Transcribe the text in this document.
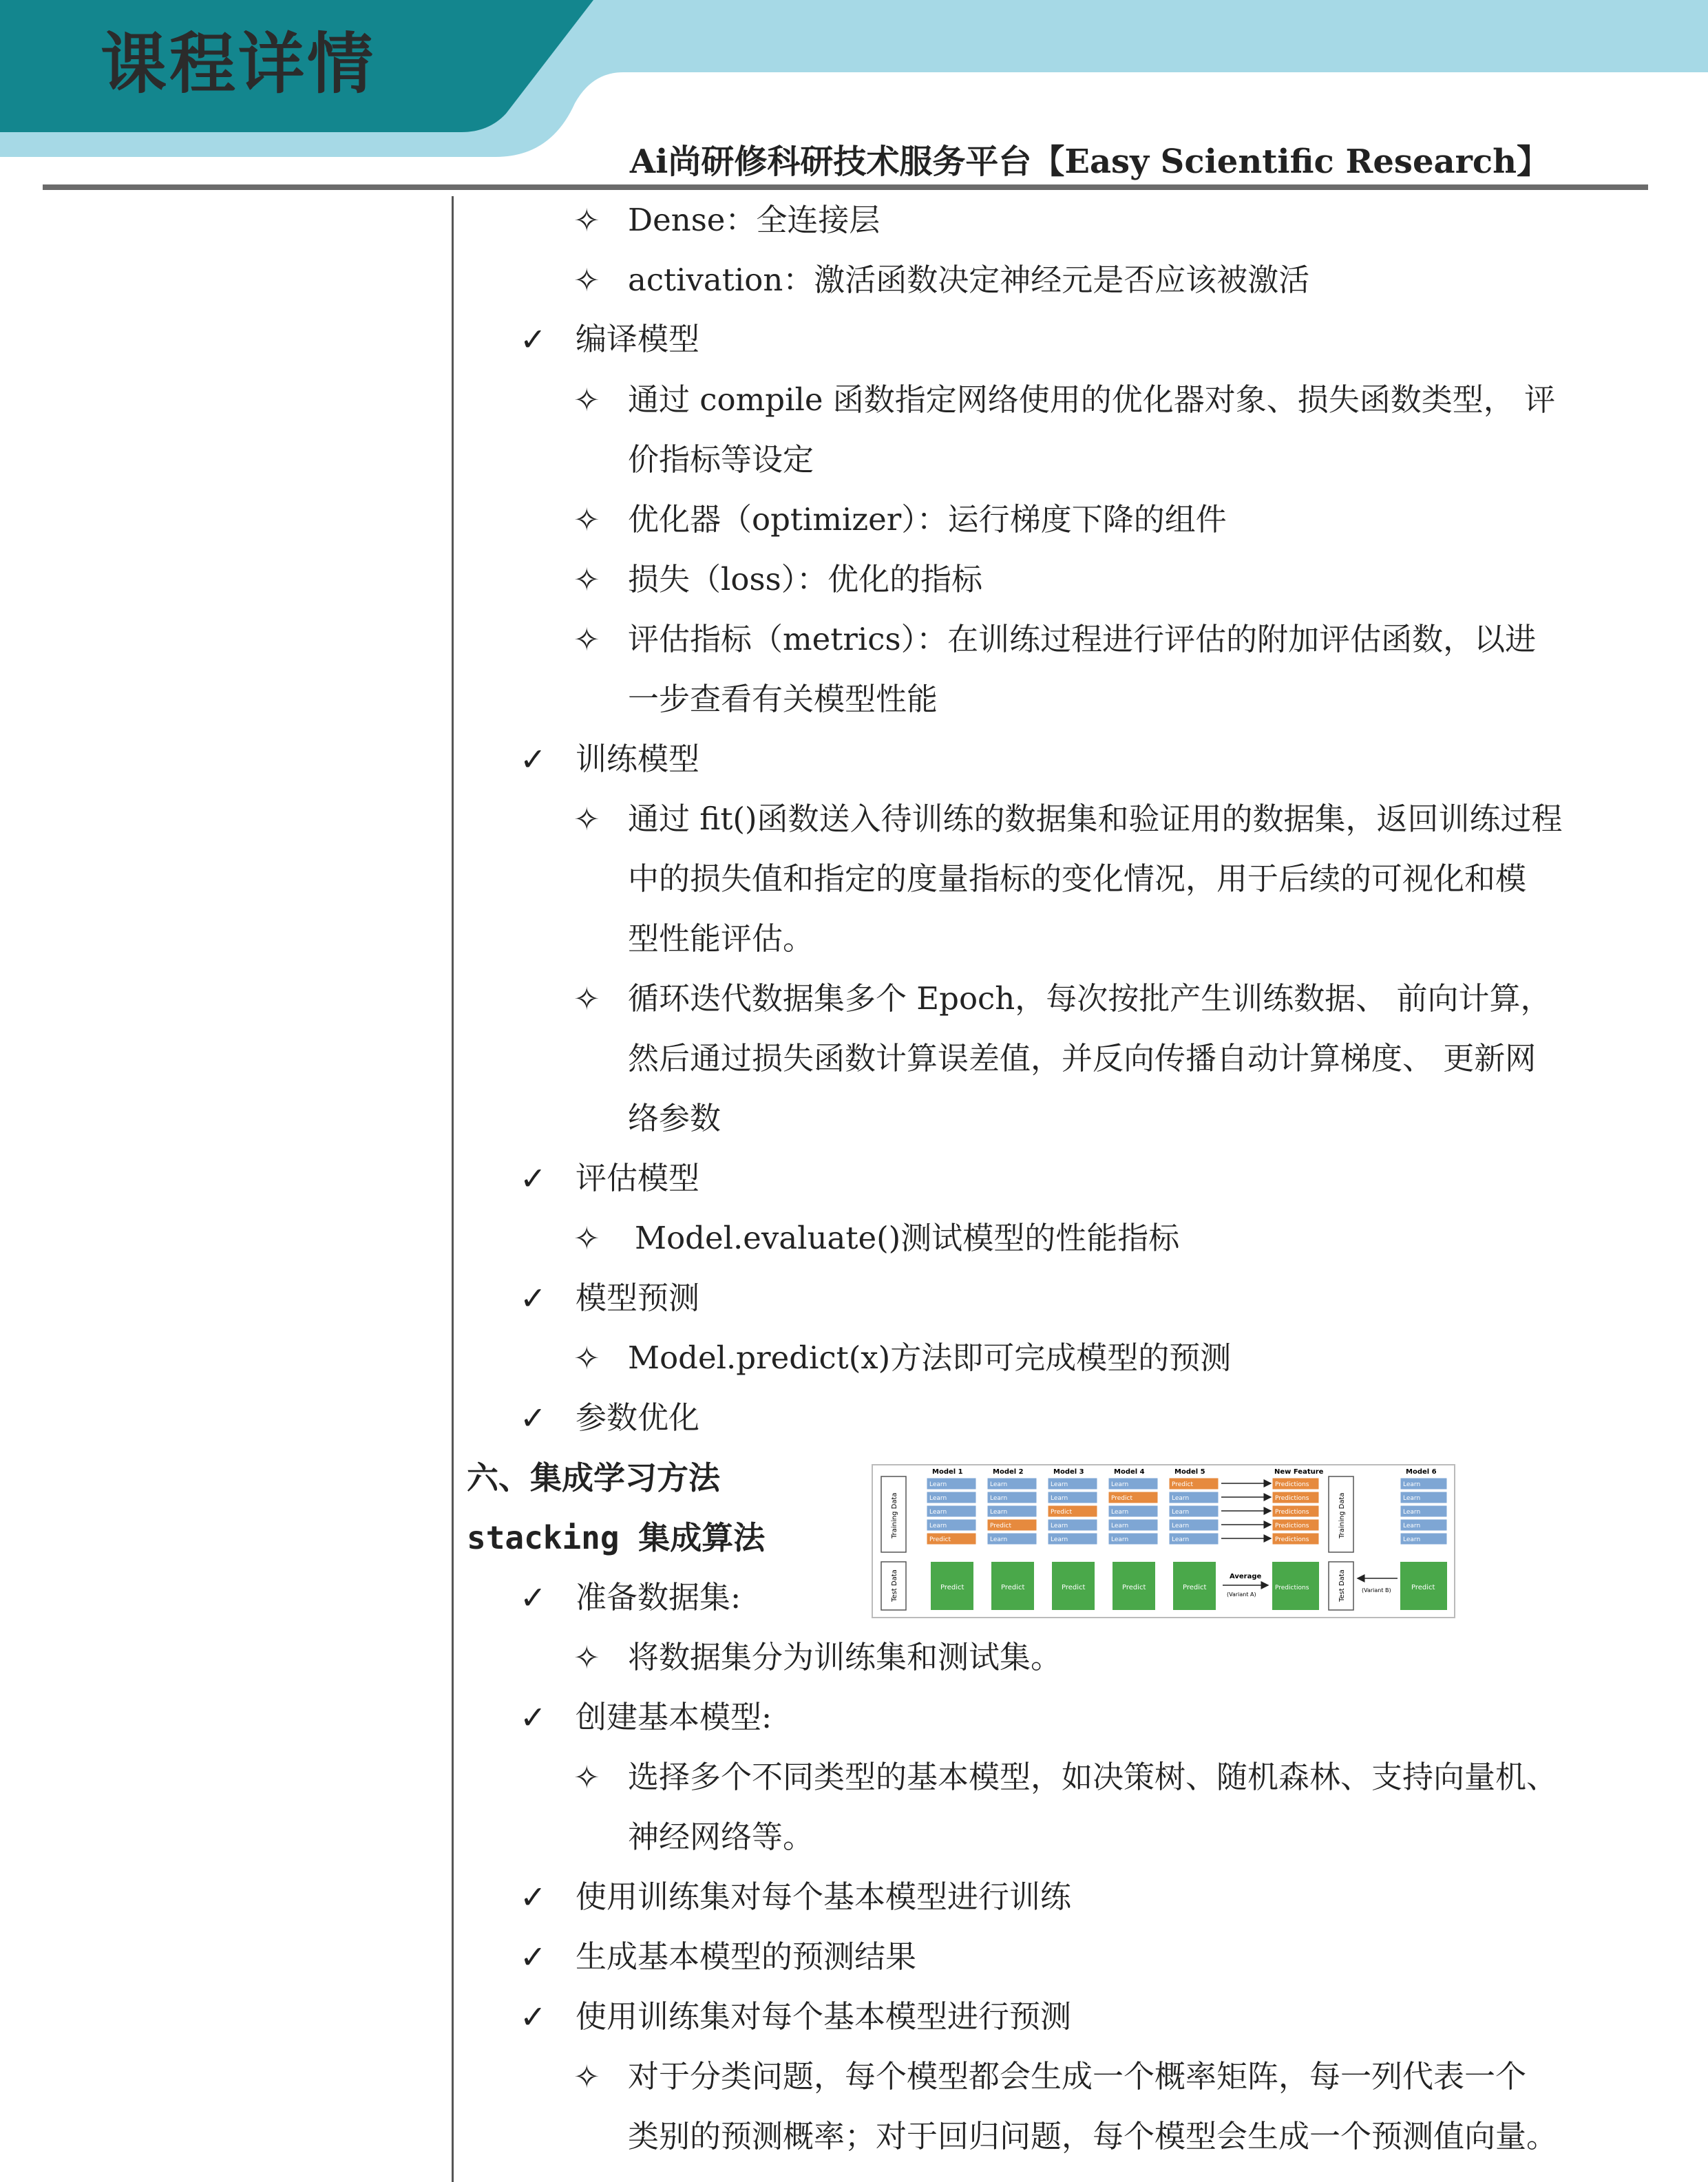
课程详情
Ai尚研修科研技术服务平台【Easy Scientific Research】
✧ Dense：全连接层
✧ activation：激活函数决定神经元是否应该被激活
✓ 编译模型
✧ 通过 compile 函数指定网络使用的优化器对象、损失函数类型， 评
价指标等设定
✧ 优化器（optimizer）：运行梯度下降的组件
✧ 损失（loss）：优化的指标
✧ 评估指标（metrics）：在训练过程进行评估的附加评估函数，以进
一步查看有关模型性能
✓ 训练模型
✧ 通过 fit()函数送入待训练的数据集和验证用的数据集，返回训练过程
中的损失值和指定的度量指标的变化情况，用于后续的可视化和模
型性能评估。
✧ 循环迭代数据集多个 Epoch，每次按批产生训练数据、 前向计算，
然后通过损失函数计算误差值，并反向传播自动计算梯度、 更新网
络参数
✓ 评估模型
✧ Model.evaluate()测试模型的性能指标
✓ 模型预测
✧ Model.predict(x)方法即可完成模型的预测
✓ 参数优化
六、集成学习方法
stacking 集成算法
✓ 准备数据集:
✧ 将数据集分为训练集和测试集。
✓ 创建基本模型:
✧ 选择多个不同类型的基本模型，如决策树、随机森林、支持向量机、
神经网络等。
✓ 使用训练集对每个基本模型进行训练
✓ 生成基本模型的预测结果
✓ 使用训练集对每个基本模型进行预测
✧ 对于分类问题，每个模型都会生成一个概率矩阵，每一列代表一个
类别的预测概率；对于回归问题，每个模型会生成一个预测值向量。
Training Data
Test Data
Model 1
Learn
Learn
Learn
Learn
Predict
Predict
Model 2
Learn
Learn
Learn
Predict
Learn
Predict
Model 3
Learn
Learn
Predict
Learn
Learn
Predict
Model 4
Learn
Predict
Learn
Learn
Learn
Predict
Model 5
Predict
Learn
Learn
Learn
Learn
Predict
New Feature
Predictions
Predictions
Predictions
Predictions
Predictions
Training Data
Model 6
Learn
Learn
Learn
Learn
Learn
Average
(Variant A)
Predictions	Test Data	(Variant B)	Predict
